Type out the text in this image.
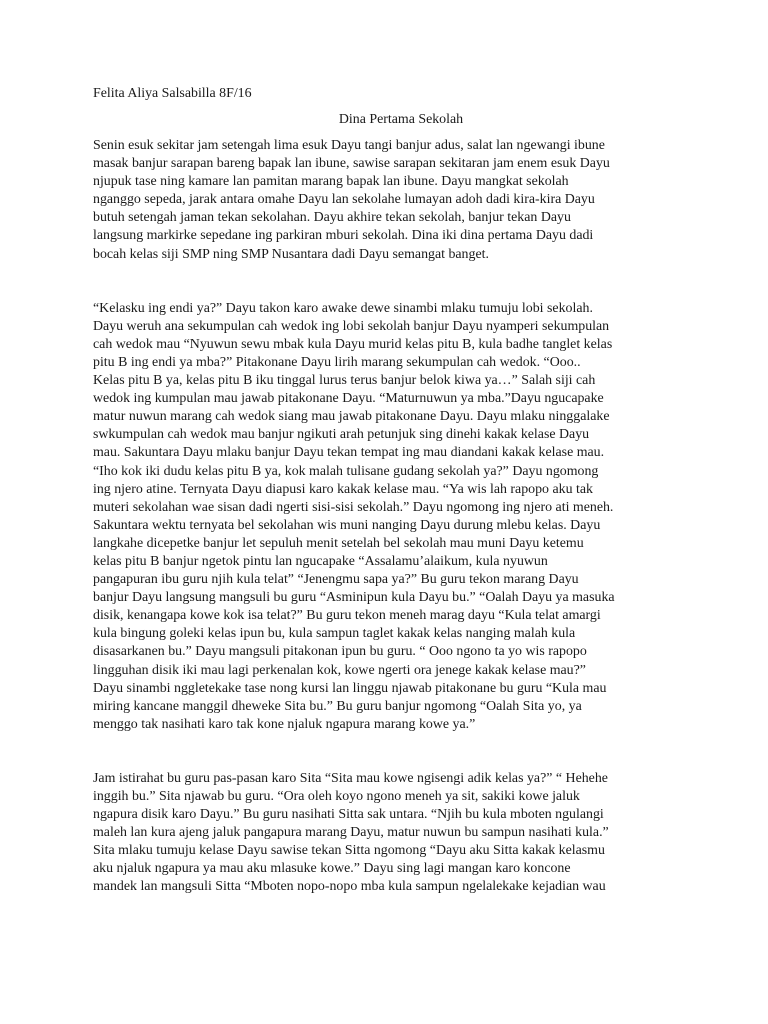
Felita Aliya Salsabilla 8F/16

Dina Pertama Sekolah

Senin esuk sekitar jam setengah lima esuk Dayu tangi banjur adus, salat lan ngewangi ibune
masak banjur sarapan bareng bapak lan ibune, sawise sarapan sekitaran jam enem esuk Dayu
njupuk tase ning kamare lan pamitan marang bapak lan ibune. Dayu mangkat sekolah
nganggo sepeda, jarak antara omahe Dayu lan sekolahe lumayan adoh dadi kira-kira Dayu
butuh setengah jaman tekan sekolahan. Dayu akhire tekan sekolah, banjur tekan Dayu
langsung markirke sepedane ing parkiran mburi sekolah. Dina iki dina pertama Dayu dadi
bocah kelas siji SMP ning SMP Nusantara dadi Dayu semangat banget.
“Kelasku ing endi ya?” Dayu takon karo awake dewe sinambi mlaku tumuju lobi sekolah.
Dayu weruh ana sekumpulan cah wedok ing lobi sekolah banjur Dayu nyamperi sekumpulan
cah wedok mau “Nyuwun sewu mbak kula Dayu murid kelas pitu B, kula badhe tanglet kelas
pitu B ing endi ya mba?” Pitakonane Dayu lirih marang sekumpulan cah wedok. “Ooo..
Kelas pitu B ya, kelas pitu B iku tinggal lurus terus banjur belok kiwa ya…” Salah siji cah
wedok ing kumpulan mau jawab pitakonane Dayu. “Maturnuwun ya mba.”Dayu ngucapake
matur nuwun marang cah wedok siang mau jawab pitakonane Dayu. Dayu mlaku ninggalake
swkumpulan cah wedok mau banjur ngikuti arah petunjuk sing dinehi kakak kelase Dayu
mau. Sakuntara Dayu mlaku banjur Dayu tekan tempat ing mau diandani kakak kelase mau.
“Iho kok iki dudu kelas pitu B ya, kok malah tulisane gudang sekolah ya?” Dayu ngomong
ing njero atine. Ternyata Dayu diapusi karo kakak kelase mau. “Ya wis lah rapopo aku tak
muteri sekolahan wae sisan dadi ngerti sisi-sisi sekolah.” Dayu ngomong ing njero ati meneh.
Sakuntara wektu ternyata bel sekolahan wis muni nanging Dayu durung mlebu kelas. Dayu
langkahe dicepetke banjur let sepuluh menit setelah bel sekolah mau muni Dayu ketemu
kelas pitu B banjur ngetok pintu lan ngucapake “Assalamu’alaikum, kula nyuwun
pangapuran ibu guru njih kula telat” “Jenengmu sapa ya?” Bu guru tekon marang Dayu
banjur Dayu langsung mangsuli bu guru “Asminipun kula Dayu bu.” “Oalah Dayu ya masuka
disik, kenangapa kowe kok isa telat?” Bu guru tekon meneh marag dayu “Kula telat amargi
kula bingung goleki kelas ipun bu, kula sampun taglet kakak kelas nanging malah kula
disasarkanen bu.” Dayu mangsuli pitakonan ipun bu guru. “ Ooo ngono ta yo wis rapopo
lingguhan disik iki mau lagi perkenalan kok, kowe ngerti ora jenege kakak kelase mau?”
Dayu sinambi nggletekake tase nong kursi lan linggu njawab pitakonane bu guru “Kula mau
miring kancane manggil dheweke Sita bu.” Bu guru banjur ngomong “Oalah Sita yo, ya
menggo tak nasihati karo tak kone njaluk ngapura marang kowe ya.”
Jam istirahat bu guru pas-pasan karo Sita “Sita mau kowe ngisengi adik kelas ya?” “ Hehehe
inggih bu.” Sita njawab bu guru. “Ora oleh koyo ngono meneh ya sit, sakiki kowe jaluk
ngapura disik karo Dayu.” Bu guru nasihati Sitta sak untara. “Njih bu kula mboten ngulangi
maleh lan kura ajeng jaluk pangapura marang Dayu, matur nuwun bu sampun nasihati kula.”
Sita mlaku tumuju kelase Dayu sawise tekan Sitta ngomong “Dayu aku Sitta kakak kelasmu
aku njaluk ngapura ya mau aku mlasuke kowe.” Dayu sing lagi mangan karo koncone
mandek lan mangsuli Sitta “Mboten nopo-nopo mba kula sampun ngelalekake kejadian wau
